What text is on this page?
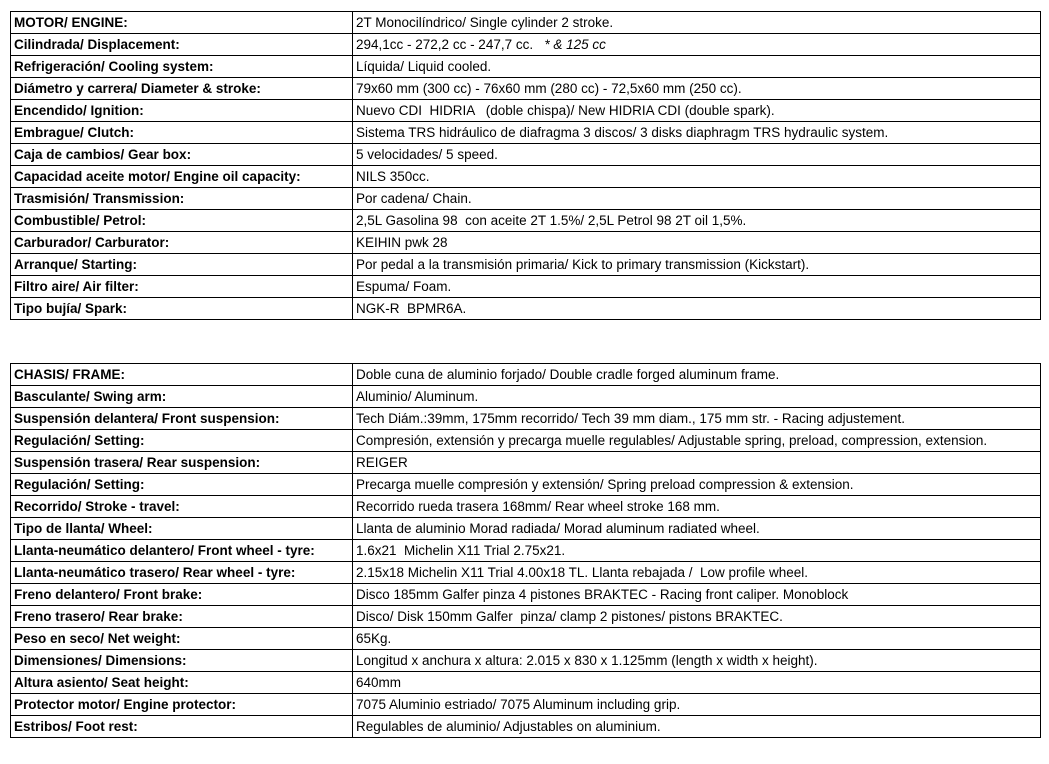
MOTOR/ ENGINE:	2T Monocilíndrico/ Single cylinder 2 stroke.
Cilindrada/ Displacement:	294,1cc - 272,2 cc - 247,7 cc.   * & 125 cc
Refrigeración/ Cooling system:	Líquida/ Liquid cooled.
Diámetro y carrera/ Diameter & stroke:	79x60 mm (300 cc) - 76x60 mm (280 cc) - 72,5x60 mm (250 cc).
Encendido/ Ignition:	Nuevo CDI  HIDRIA   (doble chispa)/ New HIDRIA CDI (double spark).
Embrague/ Clutch:	Sistema TRS hidráulico de diafragma 3 discos/ 3 disks diaphragm TRS hydraulic system.
Caja de cambios/ Gear box:	5 velocidades/ 5 speed.
Capacidad aceite motor/ Engine oil capacity:	NILS 350cc.
Trasmisión/ Transmission:	Por cadena/ Chain.
Combustible/ Petrol:	2,5L Gasolina 98  con aceite 2T 1.5%/ 2,5L Petrol 98 2T oil 1,5%.
Carburador/ Carburator:	KEIHIN pwk 28
Arranque/ Starting:	Por pedal a la transmisión primaria/ Kick to primary transmission (Kickstart).
Filtro aire/ Air filter:	Espuma/ Foam.
Tipo bujía/ Spark:	NGK-R  BPMR6A.
CHASIS/ FRAME:	Doble cuna de aluminio forjado/ Double cradle forged aluminum frame.
Basculante/ Swing arm:	Aluminio/ Aluminum.
Suspensión delantera/ Front suspension:	Tech Diám.:39mm, 175mm recorrido/ Tech 39 mm diam., 175 mm str. - Racing adjustement.
Regulación/ Setting:	Compresión, extensión y precarga muelle regulables/ Adjustable spring, preload, compression, extension.
Suspensión trasera/ Rear suspension:	REIGER
Regulación/ Setting:	Precarga muelle compresión y extensión/ Spring preload compression & extension.
Recorrido/ Stroke - travel:	Recorrido rueda trasera 168mm/ Rear wheel stroke 168 mm.
Tipo de llanta/ Wheel:	Llanta de aluminio Morad radiada/ Morad aluminum radiated wheel.
Llanta-neumático delantero/ Front wheel - tyre:	1.6x21  Michelin X11 Trial 2.75x21.
Llanta-neumático trasero/ Rear wheel - tyre:	2.15x18 Michelin X11 Trial 4.00x18 TL. Llanta rebajada /  Low profile wheel.
Freno delantero/ Front brake:	Disco 185mm Galfer pinza 4 pistones BRAKTEC - Racing front caliper. Monoblock
Freno trasero/ Rear brake:	Disco/ Disk 150mm Galfer  pinza/ clamp 2 pistones/ pistons BRAKTEC.
Peso en seco/ Net weight:	65Kg.
Dimensiones/ Dimensions:	Longitud x anchura x altura: 2.015 x 830 x 1.125mm (length x width x height).
Altura asiento/ Seat height:	640mm
Protector motor/ Engine protector:	7075 Aluminio estriado/ 7075 Aluminum including grip.
Estribos/ Foot rest:	Regulables de aluminio/ Adjustables on aluminium.
